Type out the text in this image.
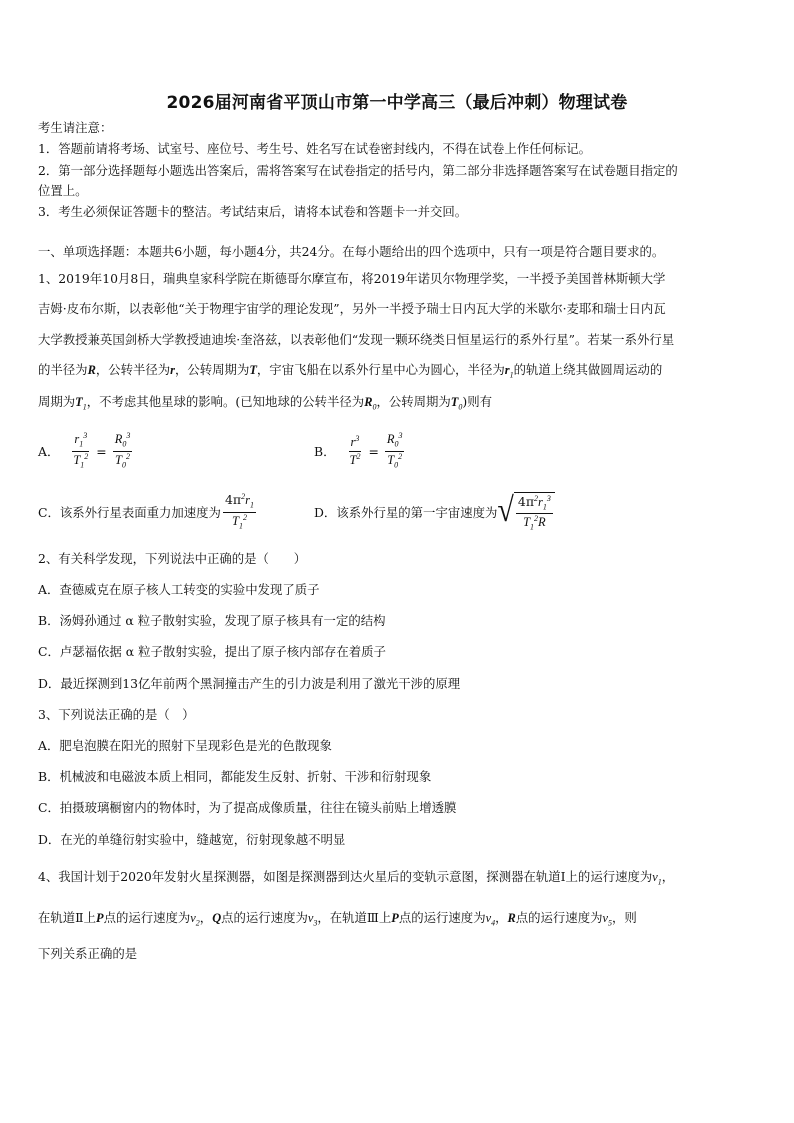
2026届河南省平顶山市第一中学高三（最后冲刺）物理试卷
考生请注意：
1．答题前请将考场、试室号、座位号、考生号、姓名写在试卷密封线内，不得在试卷上作任何标记。
2．第一部分选择题每小题选出答案后，需将答案写在试卷指定的括号内，第二部分非选择题答案写在试卷题目指定的
位置上。
3．考生必须保证答题卡的整洁。考试结束后，请将本试卷和答题卡一并交回。
一、单项选择题：本题共6小题，每小题4分，共24分。在每小题给出的四个选项中，只有一项是符合题目要求的。
1、2019年10月8日，瑞典皇家科学院在斯德哥尔摩宣布，将2019年诺贝尔物理学奖，一半授予美国普林斯顿大学
吉姆·皮布尔斯，以表彰他“关于物理宇宙学的理论发现”，另外一半授予瑞士日内瓦大学的米歇尔·麦耶和瑞士日内瓦
大学教授兼英国剑桥大学教授迪迪埃·奎洛兹，以表彰他们“发现一颗环绕类日恒星运行的系外行星”。若某一系外行星
的半径为R，公转半径为r，公转周期为T，宇宙飞船在以系外行星中心为圆心，半径为$r_1$的轨道上绕其做圆周运动的
周期为$T_1$，不考虑其他星球的影响。(已知地球的公转半径为$R_0$，公转周期为$T_0$)则有
A． $\frac{r_1^3}{T_1^2} = \frac{R_0^3}{T_0^2}$	B． $\frac{r^3}{T^2} = \frac{R_0^3}{T_0^2}$
C．该系外行星表面重力加速度为 $\frac{4\pi^2r_1}{T_1^2}$	D．该系外行星的第一宇宙速度为 √ $\frac{4\pi^2r_1^3}{T_1^2R}$
2、有关科学发现，下列说法中正确的是（　　）
A．查德威克在原子核人工转变的实验中发现了质子
B．汤姆孙通过 α 粒子散射实验，发现了原子核具有一定的结构
C．卢瑟福依据 α 粒子散射实验，提出了原子核内部存在着质子
D．最近探测到13亿年前两个黑洞撞击产生的引力波是利用了激光干涉的原理
3、下列说法正确的是（　）
A．肥皂泡膜在阳光的照射下呈现彩色是光的色散现象
B．机械波和电磁波本质上相同，都能发生反射、折射、干涉和衍射现象
C．拍摄玻璃橱窗内的物体时，为了提高成像质量，往往在镜头前贴上增透膜
D．在光的单缝衍射实验中，缝越宽，衍射现象越不明显
4、我国计划于2020年发射火星探测器，如图是探测器到达火星后的变轨示意图，探测器在轨道Ⅰ上的运行速度为$v_1$，
在轨道Ⅱ上P点的运行速度为$v_2$，Q点的运行速度为$v_3$，在轨道Ⅲ上P点的运行速度为$v_4$，R点的运行速度为$v_5$，则
下列关系正确的是
